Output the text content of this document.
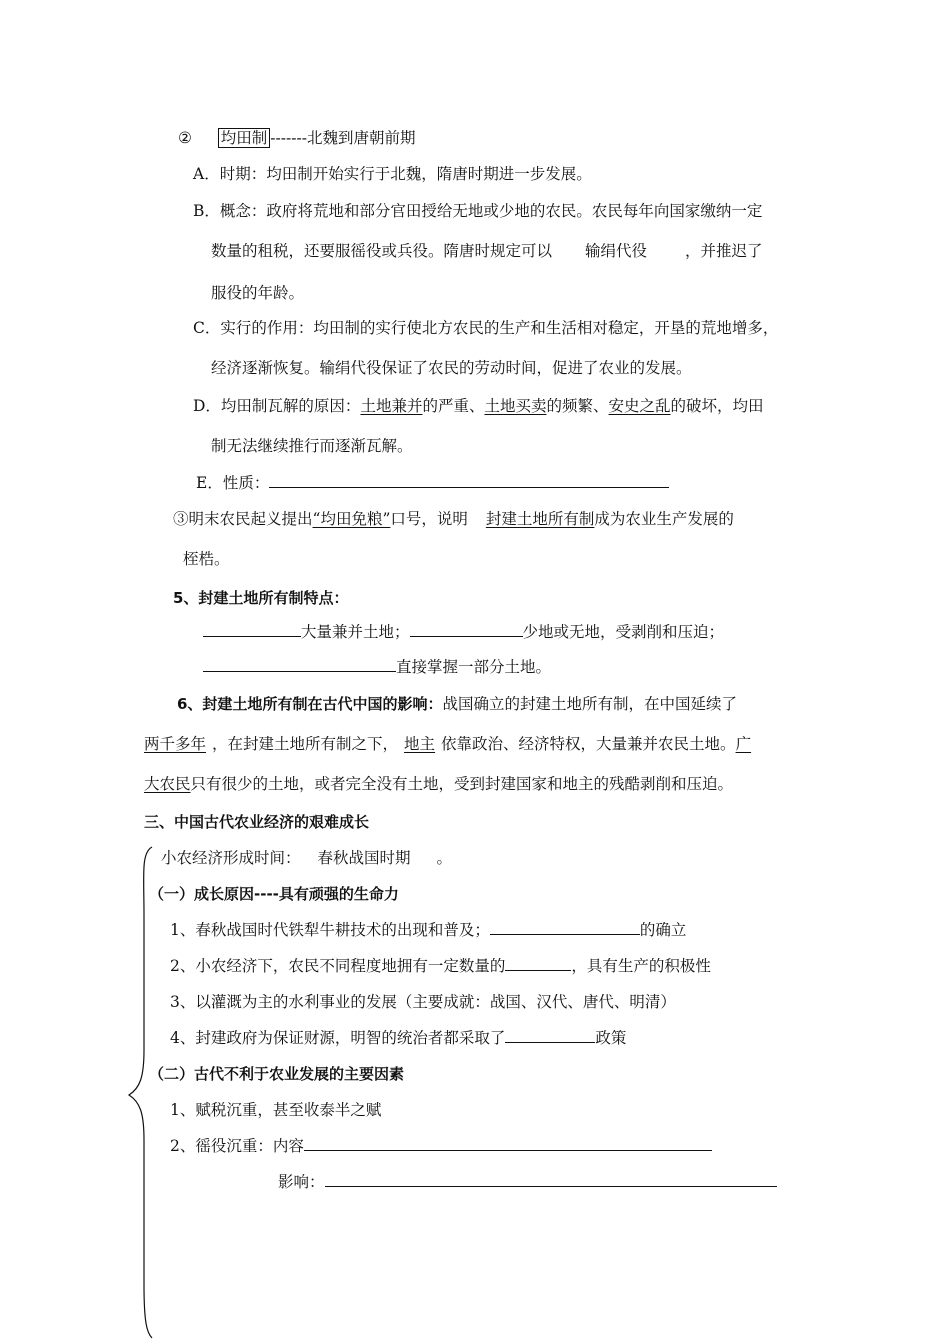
② 均田制 -------北魏到唐朝前期
A．时期：均田制开始实行于北魏，隋唐时期进一步发展。
B．概念：政府将荒地和部分官田授给无地或少地的农民。农民每年向国家缴纳一定
数量的租税，还要服徭役或兵役。隋唐时规定可以 输绢代役 ，并推迟了
服役的年龄。
C．实行的作用：均田制的实行使北方农民的生产和生活相对稳定，开垦的荒地增多，
经济逐渐恢复。输绢代役保证了农民的劳动时间，促进了农业的发展。
D．均田制瓦解的原因：土地兼并的严重、土地买卖的频繁、安史之乱的破坏，均田
制无法继续推行而逐渐瓦解。
E．性质：
③明末农民起义提出“均田免粮”口号，说明 封建土地所有制成为农业生产发展的
桎梏。
5、封建土地所有制特点：
大量兼并土地；	少地或无地，受剥削和压迫；
直接掌握一部分土地。
6、封建土地所有制在古代中国的影响：战国确立的封建土地所有制，在中国延续了
两千多年 ，在封建土地所有制之下， 地主 依靠政治、经济特权，大量兼并农民土地。广
大农民只有很少的土地，或者完全没有土地，受到封建国家和地主的残酷剥削和压迫。
三、中国古代农业经济的艰难成长
小农经济形成时间： 春秋战国时期 。
（一）成长原因----具有顽强的生命力
1、春秋战国时代铁犁牛耕技术的出现和普及；	的确立
2、小农经济下，农民不同程度地拥有一定数量的	，具有生产的积极性
3、以灌溉为主的水利事业的发展（主要成就：战国、汉代、唐代、明清）
4、封建政府为保证财源，明智的统治者都采取了	政策
（二）古代不利于农业发展的主要因素
1、赋税沉重，甚至收泰半之赋
2、徭役沉重：内容
影响：
